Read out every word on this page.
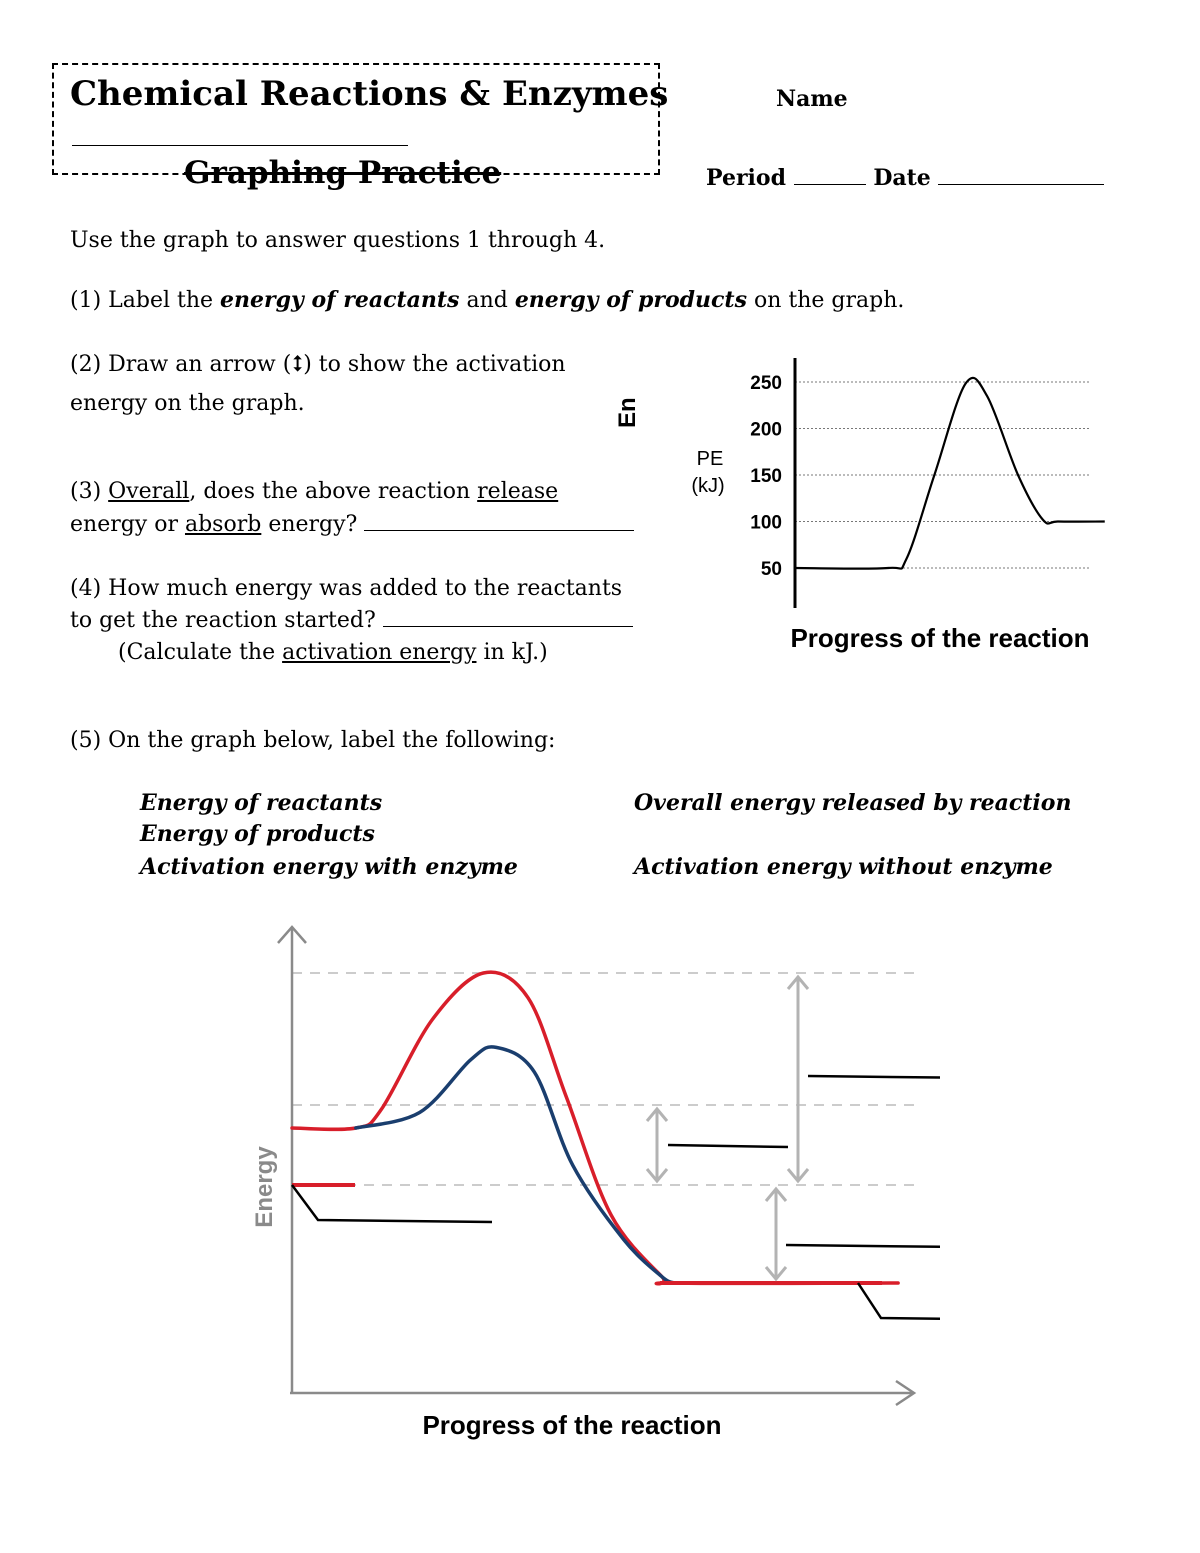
Chemical Reactions & Enzymes
Graphing Practice
Name
Period	Date
Use the graph to answer questions 1 through 4.
(1) Label the energy of reactants and energy of products on the graph.
(2) Draw an arrow (⭥) to show the activation
energy on the graph.
(3) Overall, does the above reaction release
energy or absorb energy?
(4) How much energy was added to the reactants
to get the reaction started?
(Calculate the activation energy in kJ.)
(5) On the graph below, label the following:
Energy of reactants
Energy of products
Activation energy with enzyme
Overall energy released by reaction
Activation energy without enzyme
En
50
100
150
200
250
PE
(kJ)
Progress of the reaction
Energy
Progress of the reaction
